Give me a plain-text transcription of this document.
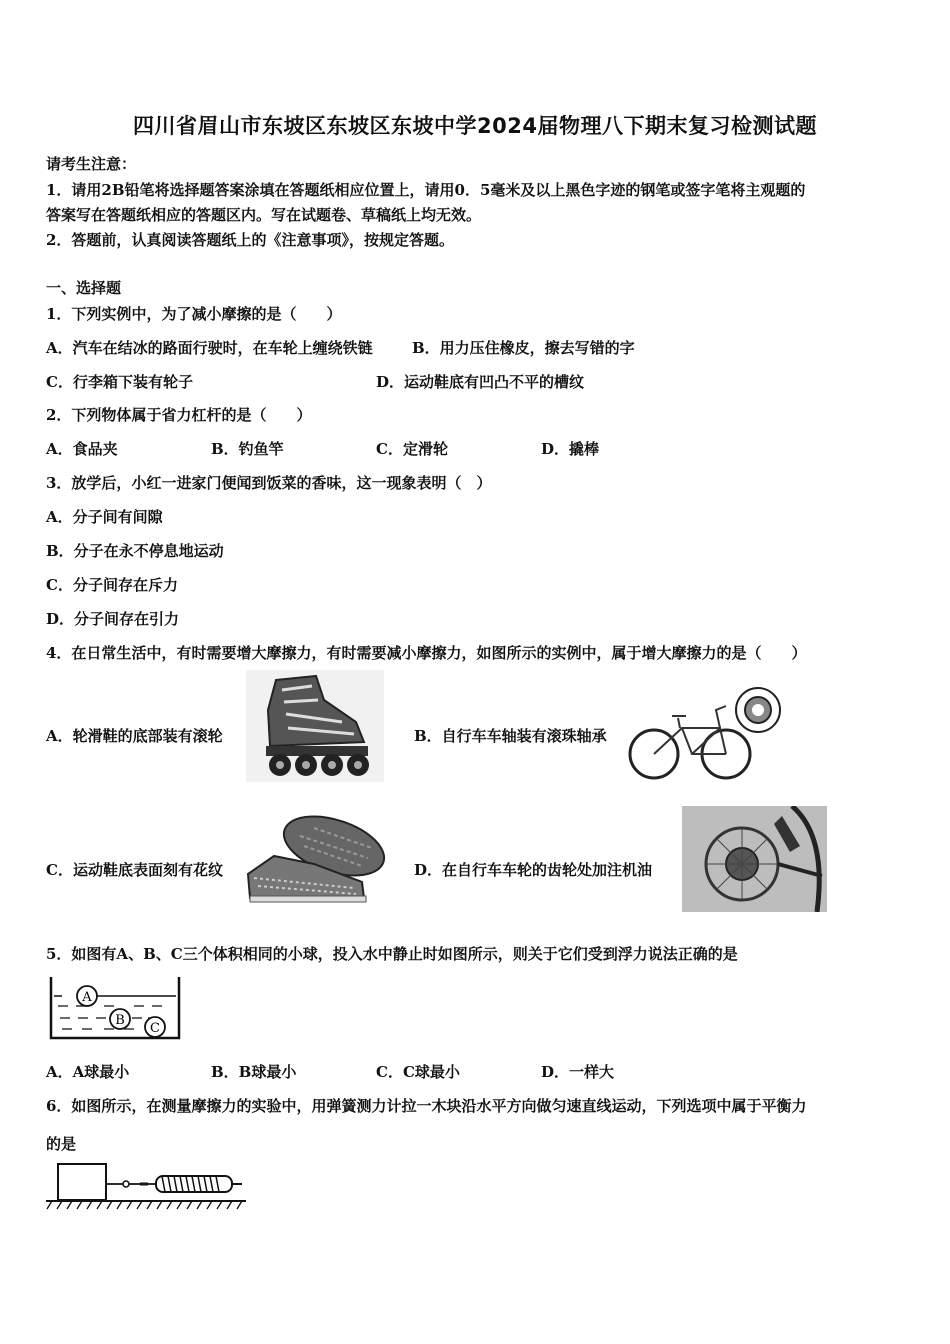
四川省眉山市东坡区东坡区东坡中学2024届物理八下期末复习检测试题
请考生注意：
1．请用2B铅笔将选择题答案涂填在答题纸相应位置上，请用0．5毫米及以上黑色字迹的钢笔或签字笔将主观题的
答案写在答题纸相应的答题区内。写在试题卷、草稿纸上均无效。
2．答题前，认真阅读答题纸上的《注意事项》，按规定答题。
一、选择题
1．下列实例中，为了减小摩擦的是（　　）
A．汽车在结冰的路面行驶时，在车轮上缠绕铁链	B．用力压住橡皮，擦去写错的字
C．行李箱下装有轮子	D．运动鞋底有凹凸不平的槽纹
2．下列物体属于省力杠杆的是（　　）
A．食品夹	B．钓鱼竿	C．定滑轮	D．撬棒
3．放学后，小红一进家门便闻到饭菜的香味，这一现象表明（　）
A．分子间有间隙
B．分子在永不停息地运动
C．分子间存在斥力
D．分子间存在引力
4．在日常生活中，有时需要增大摩擦力，有时需要减小摩擦力，如图所示的实例中，属于增大摩擦力的是（　　）
A．轮滑鞋的底部装有滚轮	B．自行车车轴装有滚珠轴承
C．运动鞋底表面刻有花纹	D．在自行车车轮的齿轮处加注机油
5．如图有A、B、C三个体积相同的小球，投入水中静止时如图所示，则关于它们受到浮力说法正确的是
A
B
C
A．A球最小	B．B球最小	C．C球最小	D．一样大
6．如图所示，在测量摩擦力的实验中，用弹簧测力计拉一木块沿水平方向做匀速直线运动，下列选项中属于平衡力
的是
